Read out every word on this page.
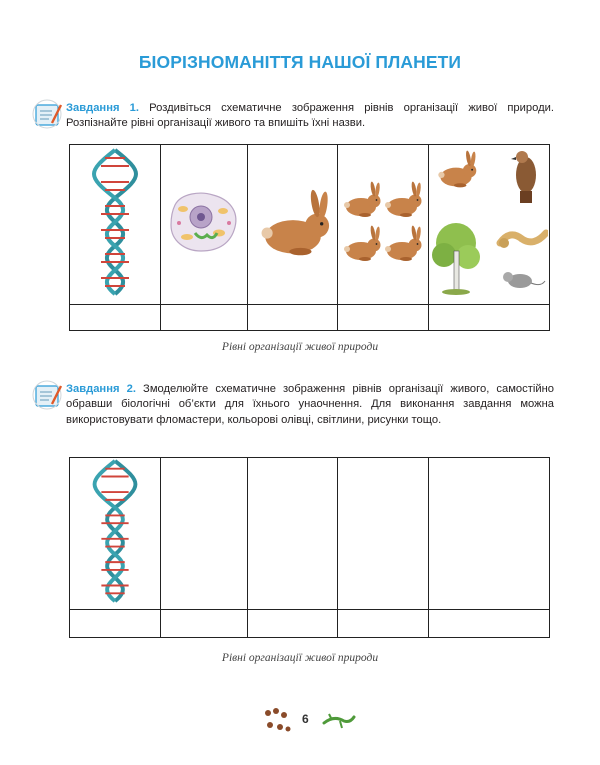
БІОРІЗНОМАНІТТЯ НАШОЇ ПЛАНЕТИ
Завдання 1. Роздивіться схематичне зображення рівнів організації живої природи. Розпізнайте рівні організації живого та впишіть їхні назви.

Рівні організації живої природи
Завдання 2. Змоделюйте схематичне зображення рівнів організації живого, самостійно обравши біологічні об’єкти для їхнього унаочнення. Для виконання завдання можна використовувати фломастери, кольорові олівці, світлини, рисунки тощо.

Рівні організації живої природи
6
